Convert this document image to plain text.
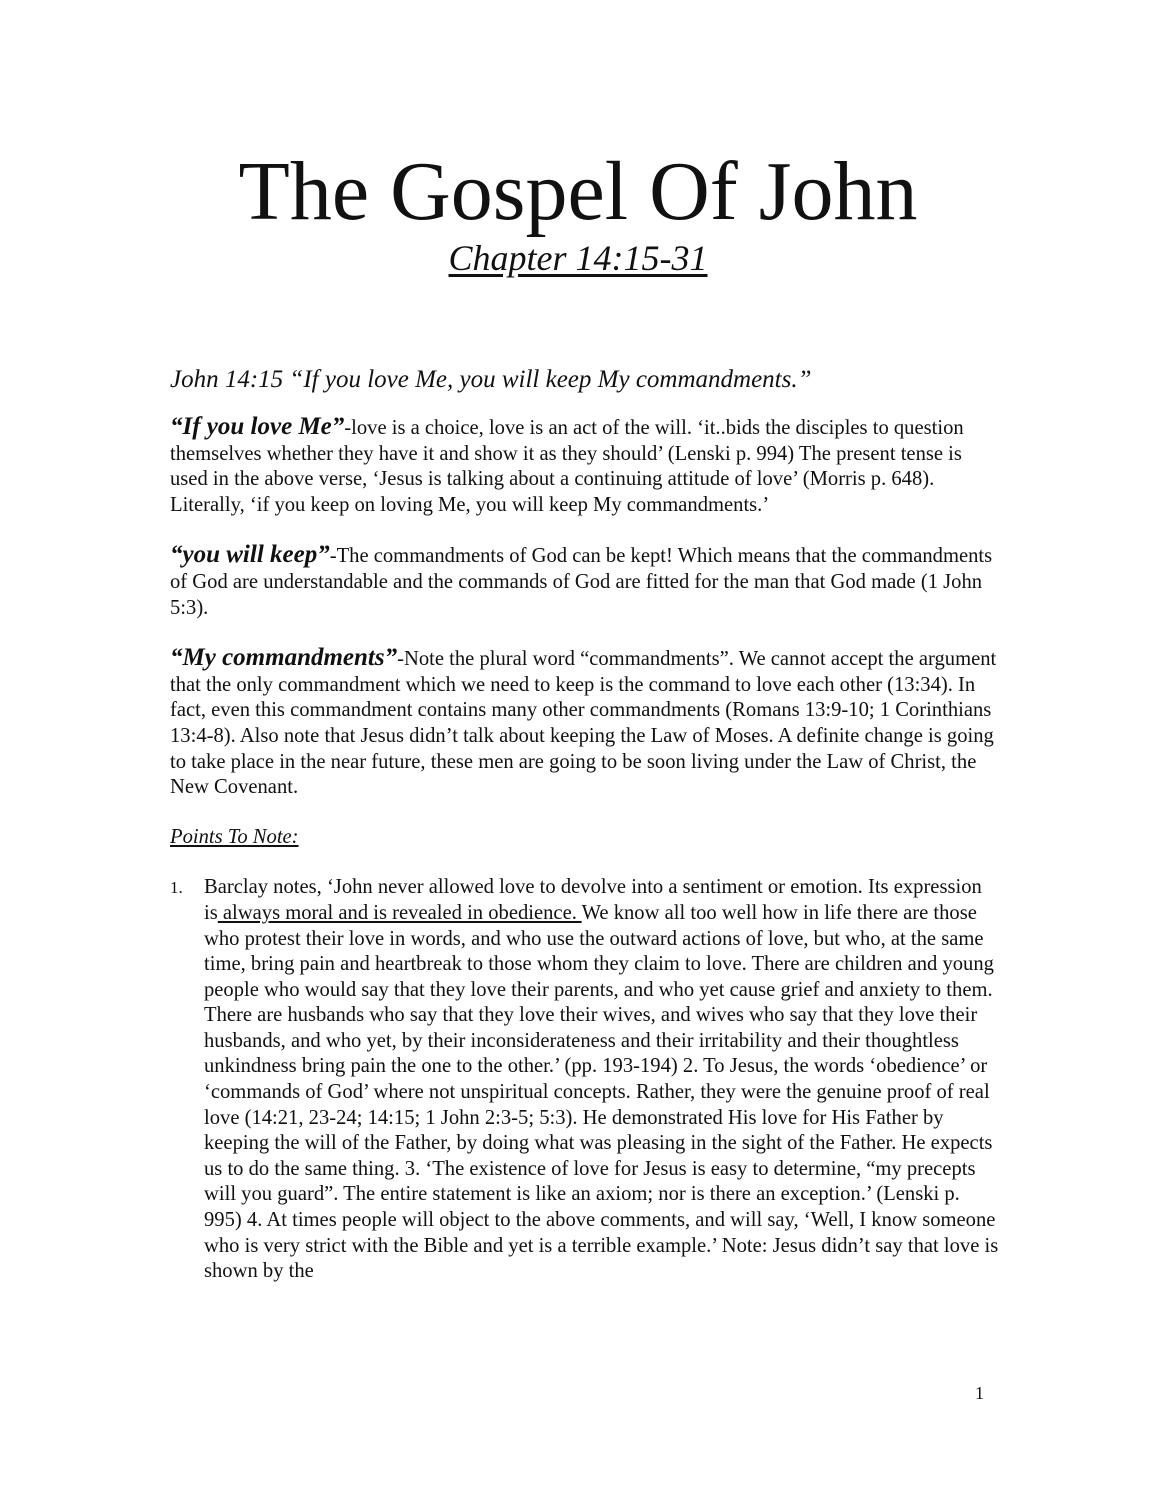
The Gospel Of John
Chapter 14:15-31
John 14:15 “If you love Me, you will keep My commandments.”

“If you love Me”-love is a choice, love is an act of the will. ‘it..bids the disciples to question themselves whether they have it and show it as they should’ (Lenski p. 994) The present tense is used in the above verse, ‘Jesus is talking about a continuing attitude of love’ (Morris p. 648). Literally, ‘if you keep on loving Me, you will keep My commandments.’

“you will keep”-The commandments of God can be kept! Which means that the commandments of God are understandable and the commands of God are fitted for the man that God made (1 John 5:3).

“My commandments”-Note the plural word “commandments”. We cannot accept the argument that the only commandment which we need to keep is the command to love each other (13:34). In fact, even this commandment contains many other commandments (Romans 13:9-10; 1 Corinthians 13:4-8). Also note that Jesus didn’t talk about keeping the Law of Moses. A definite change is going to take place in the near future, these men are going to be soon living under the Law of Christ, the New Covenant.

Points To Note:
1.	Barclay notes, ‘John never allowed love to devolve into a sentiment or emotion. Its expression is always moral and is revealed in obedience. We know all too well how in life there are those who protest their love in words, and who use the outward actions of love, but who, at the same time, bring pain and heartbreak to those whom they claim to love. There are children and young people who would say that they love their parents, and who yet cause grief and anxiety to them. There are husbands who say that they love their wives, and wives who say that they love their husbands, and who yet, by their inconsiderateness and their irritability and their thoughtless unkindness bring pain the one to the other.’ (pp. 193-194) 2. To Jesus, the words ‘obedience’ or ‘commands of God’ where not unspiritual concepts. Rather, they were the genuine proof of real love (14:21, 23-24; 14:15; 1 John 2:3-5; 5:3). He demonstrated His love for His Father by keeping the will of the Father, by doing what was pleasing in the sight of the Father. He expects us to do the same thing. 3. ‘The existence of love for Jesus is easy to determine, “my precepts will you guard”. The entire statement is like an axiom; nor is there an exception.’ (Lenski p. 995) 4. At times people will object to the above comments, and will say, ‘Well, I know someone who is very strict with the Bible and yet is a terrible example.’ Note: Jesus didn’t say that love is shown by the
1
